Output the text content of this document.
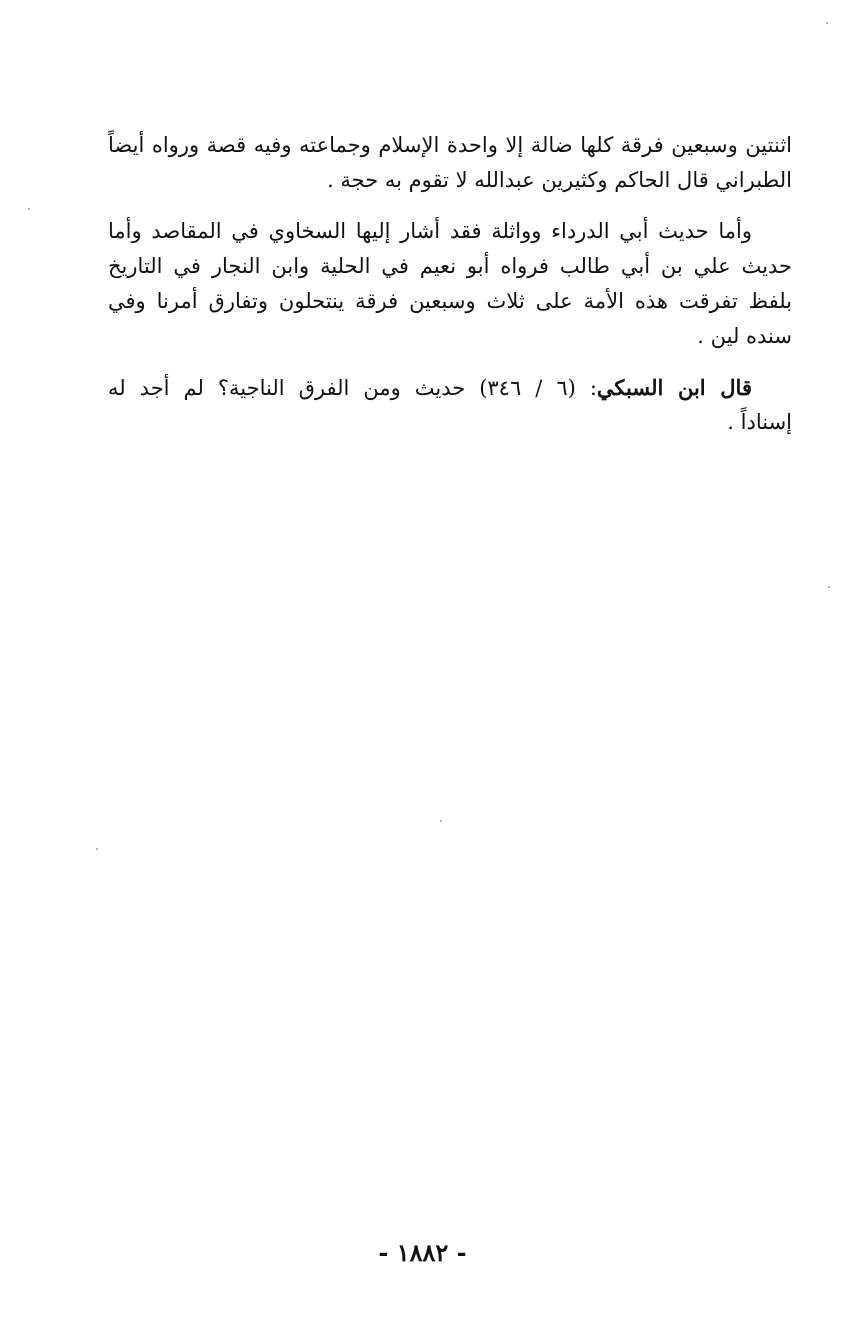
اثنتين وسبعين فرقة كلها ضالة إلا واحدة الإسلام وجماعته وفيه قصة ورواه أيضاً
الطبراني قال الحاكم وكثيرين عبدالله لا تقوم به حجة .
وأما حديث أبي الدرداء وواثلة فقد أشار إليها السخاوي في المقاصد وأما
حديث علي بن أبي طالب فرواه أبو نعيم في الحلية وابن النجار في التاريخ
بلفظ تفرقت هذه الأمة على ثلاث وسبعين فرقة ينتحلون وتفارق أمرنا وفي
سنده لين .
قال ابن السبكي: (٦ / ٣٤٦) حديث ومن الفرق الناجية؟ لم أجد له
إسناداً .
- ١٨٨٢ -
